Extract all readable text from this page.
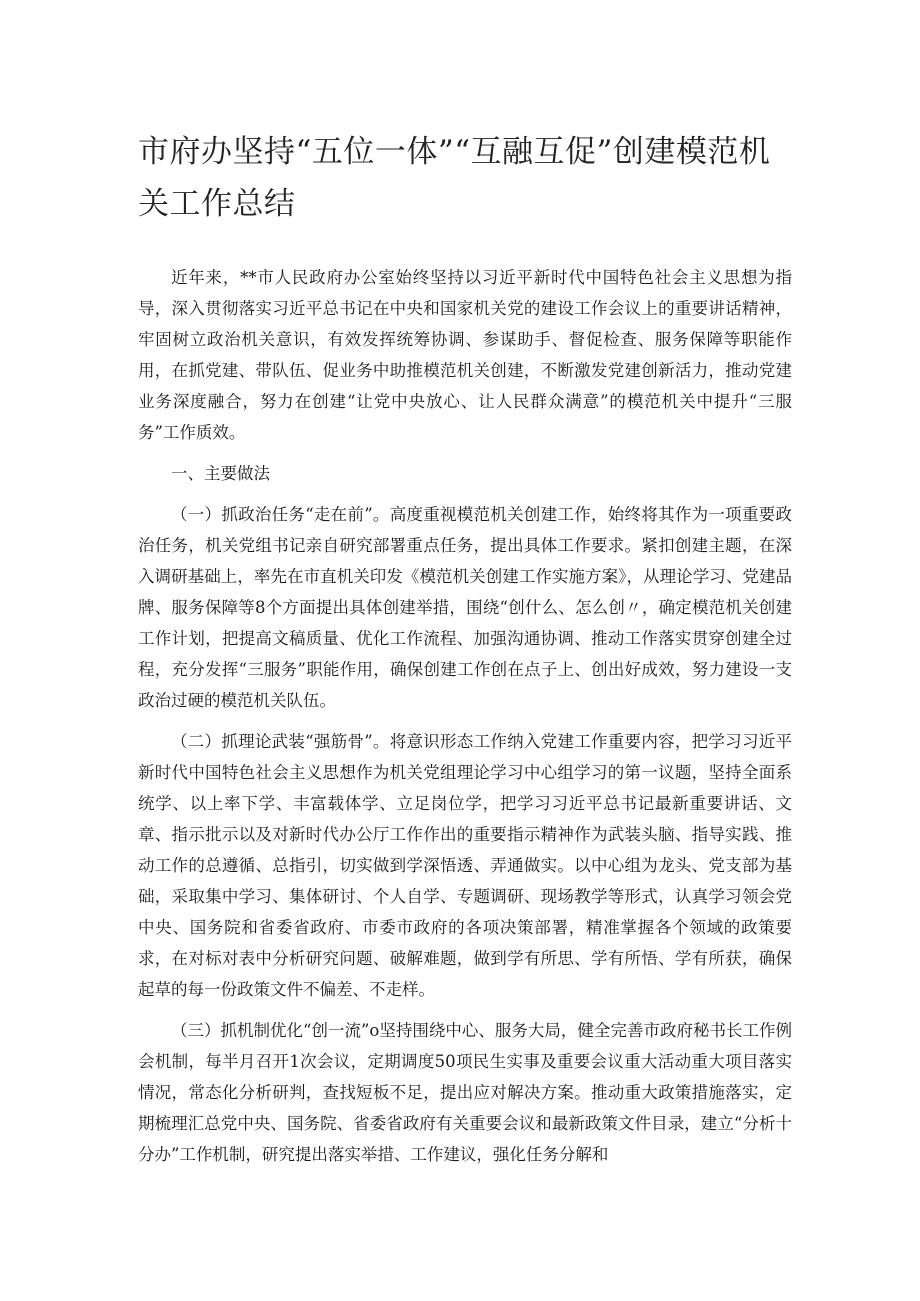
市府办坚持“五位一体”“互融互促”创建模范机关工作总结

近年来，**市人民政府办公室始终坚持以习近平新时代中国特色社会主义思想为指导，深入贯彻落实习近平总书记在中央和国家机关党的建设工作会议上的重要讲话精神，牢固树立政治机关意识，有效发挥统筹协调、参谋助手、督促检查、服务保障等职能作用，在抓党建、带队伍、促业务中助推模范机关创建，不断激发党建创新活力，推动党建业务深度融合，努力在创建“让党中央放心、让人民群众满意”的模范机关中提升“三服务”工作质效。

一、主要做法

（一）抓政治任务“走在前”。高度重视模范机关创建工作，始终将其作为一项重要政治任务，机关党组书记亲自研究部署重点任务，提出具体工作要求。紧扣创建主题，在深入调研基础上，率先在市直机关印发《模范机关创建工作实施方案》，从理论学习、党建品牌、服务保障等8个方面提出具体创建举措，围绕“创什么、怎么创〃，确定模范机关创建工作计划，把提高文稿质量、优化工作流程、加强沟通协调、推动工作落实贯穿创建全过程，充分发挥“三服务”职能作用，确保创建工作创在点子上、创出好成效，努力建设一支政治过硬的模范机关队伍。

（二）抓理论武装“强筋骨”。将意识形态工作纳入党建工作重要内容，把学习习近平新时代中国特色社会主义思想作为机关党组理论学习中心组学习的第一议题，坚持全面系统学、以上率下学、丰富载体学、立足岗位学，把学习习近平总书记最新重要讲话、文章、指示批示以及对新时代办公厅工作作出的重要指示精神作为武装头脑、指导实践、推动工作的总遵循、总指引，切实做到学深悟透、弄通做实。以中心组为龙头、党支部为基础，采取集中学习、集体研讨、个人自学、专题调研、现场教学等形式，认真学习领会党中央、国务院和省委省政府、市委市政府的各项决策部署，精准掌握各个领域的政策要求，在对标对表中分析研究问题、破解难题，做到学有所思、学有所悟、学有所获，确保起草的每一份政策文件不偏差、不走样。

（三）抓机制优化“创一流”o坚持围绕中心、服务大局，健全完善市政府秘书长工作例会机制，每半月召开1次会议，定期调度50项民生实事及重要会议重大活动重大项目落实情况，常态化分析研判，查找短板不足，提出应对解决方案。推动重大政策措施落实，定期梳理汇总党中央、国务院、省委省政府有关重要会议和最新政策文件目录，建立“分析十分办”工作机制，研究提出落实举措、工作建议，强化任务分解和
